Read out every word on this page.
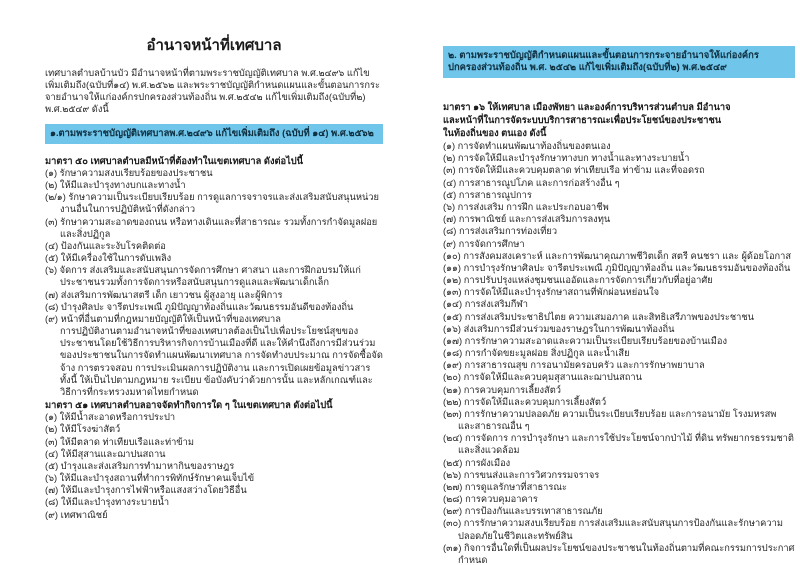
อำนาจหน้าที่เทศบาล

เทศบาลตำบลบ้านบัว มีอำนาจหน้าที่ตามพระราชบัญญัติเทศบาล พ.ศ.๒๔๙๖ แก้ไขเพิ่มเติมถึง(ฉบับที่๑๔) พ.ศ.๒๕๖๒ และพระราชบัญญัติกำหนดแผนและขั้นตอนการกระจายอำนาจให้แก่องค์กรปกครองส่วนท้องถิ่น พ.ศ.๒๕๔๒ แก้ไขเพิ่มเติมถึง(ฉบับที่๒) พ.ศ.๒๕๔๙ ดังนี้

๑.ตามพระราชบัญญัติเทศบาลพ.ศ.๒๔๙๖ แก้ไขเพิ่มเติมถึง (ฉบับที่ ๑๔) พ.ศ.๒๕๖๒

มาตรา ๕๐ เทศบาลตำบลมีหน้าที่ต้องทำในเขตเทศบาล ดังต่อไปนี้

(๑) รักษาความสงบเรียบร้อยของประชาชน
(๒) ให้มีและบำรุงทางบกและทางน้ำ
(๒/๑) รักษาความเป็นระเบียบเรียบร้อย การดูแลการจราจรและส่งเสริมสนับสนุนหน่วยงานอื่นในการปฏิบัติหน้าที่ดังกล่าว
(๓) รักษาความสะอาดของถนน หรือทางเดินและที่สาธารณะ รวมทั้งการกำจัดมูลฝอย และสิ่งปฏิกูล
(๔) ป้องกันและระงับโรคติดต่อ
(๕) ให้มีเครื่องใช้ในการดับเพลิง
(๖) จัดการ ส่งเสริมและสนับสนุนการจัดการศึกษา ศาสนา และการฝึกอบรมให้แก่ประชาชนรวมทั้งการจัดการหรือสนับสนุนการดูแลและพัฒนาเด็กเล็ก
(๗) ส่งเสริมการพัฒนาสตรี เด็ก เยาวชน ผู้สูงอายุ และผู้พิการ
(๘) บำรุงศิลปะ จารีตประเพณี ภูมิปัญญาท้องถิ่นและวัฒนธรรมอันดีของท้องถิ่น
(๙) หน้าที่อื่นตามที่กฎหมายบัญญัติให้เป็นหน้าที่ของเทศบาล

การปฏิบัติงานตามอำนาจหน้าที่ของเทศบาลต้องเป็นไปเพื่อประโยชน์สุขของประชาชนโดยใช้วิธีการบริหารกิจการบ้านเมืองที่ดี และให้คำนึงถึงการมีส่วนร่วมของประชาชนในการจัดทำแผนพัฒนาเทศบาล การจัดทำงบประมาณ การจัดซื้อจัดจ้าง การตรวจสอบ การประเมินผลการปฏิบัติงาน และการเปิดเผยข้อมูลข่าวสาร ทั้งนี้ ให้เป็นไปตามกฎหมาย ระเบียบ ข้อบังคับว่าด้วยการนั้น และหลักเกณฑ์และวิธีการที่กระทรวงมหาดไทยกำหนด

มาตรา ๕๑ เทศบาลตำบลอาจจัดทำกิจการใด ๆ ในเขตเทศบาล ดังต่อไปนี้

(๑) ให้มีน้ำสะอาดหรือการประปา
(๒) ให้มีโรงฆ่าสัตว์
(๓) ให้มีตลาด ท่าเทียบเรือและท่าข้าม
(๔) ให้มีสุสานและฌาปนสถาน
(๕) บำรุงและส่งเสริมการทำมาหากินของราษฎร
(๖) ให้มีและบำรุงสถานที่ทำการพิทักษ์รักษาคนเจ็บไข้
(๗) ให้มีและบำรุงการไฟฟ้าหรือแสงสว่างโดยวิธีอื่น
(๘) ให้มีและบำรุงทางระบายน้ำ
(๙) เทศพาณิชย์
๒. ตามพระราชบัญญัติกำหนดแผนและขั้นตอนการกระจายอำนาจให้แก่องค์กรปกครองส่วนท้องถิ่น พ.ศ. ๒๕๔๒ แก้ไขเพิ่มเติมถึง(ฉบับที่๒) พ.ศ.๒๕๔๙

มาตรา ๑๖ ให้เทศบาล เมืองพัทยา และองค์การบริหารส่วนตำบล มีอำนาจ

และหน้าที่ในการจัดระบบบริการสาธารณะเพื่อประโยชน์ของประชาชน

ในท้องถิ่นของ ตนเอง ดังนี้

(๑) การจัดทำแผนพัฒนาท้องถิ่นของตนเอง
(๒) การจัดให้มีและบำรุงรักษาทางบก ทางน้ำและทางระบายน้ำ
(๓) การจัดให้มีและควบคุมตลาด ท่าเทียบเรือ ท่าข้าม และที่จอดรถ
(๔) การสาธารณูปโภค และการก่อสร้างอื่น ๆ
(๕) การสาธารณูปการ
(๖) การส่งเสริม การฝึก และประกอบอาชีพ
(๗) การพาณิชย์ และการส่งเสริมการลงทุน
(๘) การส่งเสริมการท่องเที่ยว
(๙) การจัดการศึกษา
(๑๐) การสังคมสงเคราะห์ และการพัฒนาคุณภาพชีวิตเด็ก สตรี คนชรา และ ผู้ด้อยโอกาส
(๑๑) การบำรุงรักษาศิลปะ จารีตประเพณี ภูมิปัญญาท้องถิ่น และวัฒนธรรมอันของท้องถิ่น
(๑๒) การปรับปรุงแหล่งชุมชนแออัดและการจัดการเกี่ยวกับที่อยู่อาศัย
(๑๓) การจัดให้มีและบำรุงรักษาสถานที่พักผ่อนหย่อนใจ
(๑๔) การส่งเสริมกีฬา
(๑๕) การส่งเสริมประชาธิปไตย ความเสมอภาค และสิทธิเสรีภาพของประชาชน
(๑๖) ส่งเสริมการมีส่วนร่วมของราษฎรในการพัฒนาท้องถิ่น
(๑๗) การรักษาความสะอาดและความเป็นระเบียบเรียบร้อยของบ้านเมือง
(๑๘) การกำจัดขยะมูลฝอย สิ่งปฏิกูล และน้ำเสีย
(๑๙) การสาธารณสุข การอนามัยครอบครัว และการรักษาพยาบาล
(๒๐) การจัดให้มีและควบคุมสุสานและฌาปนสถาน
(๒๑) การควบคุมการเลี้ยงสัตว์
(๒๒) การจัดให้มีและควบคุมการเลี้ยงสัตว์
(๒๓) การรักษาความปลอดภัย ความเป็นระเบียบเรียบร้อย และการอนามัย โรงมหรสพ และสาธารณอื่น ๆ
(๒๔) การจัดการ การบำรุงรักษา และการใช้ประโยชน์จากป่าไม้ ที่ดิน ทรัพยากรธรรมชาติ และสิ่งแวดล้อม
(๒๕) การผังเมือง
(๒๖) การขนส่งและการวิศวกรรมจราจร
(๒๗) การดูแลรักษาที่สาธารณะ
(๒๘) การควบคุมอาคาร
(๒๙) การป้องกันและบรรเทาสาธารณภัย
(๓๐) การรักษาความสงบเรียบร้อย การส่งเสริมและสนับสนุนการป้องกันและรักษาความ ปลอดภัยในชีวิตและทรัพย์สิน
(๓๑) กิจการอื่นใดที่เป็นผลประโยชน์ของประชาชนในท้องถิ่นตามที่คณะกรรมการประกาศกำหนด
